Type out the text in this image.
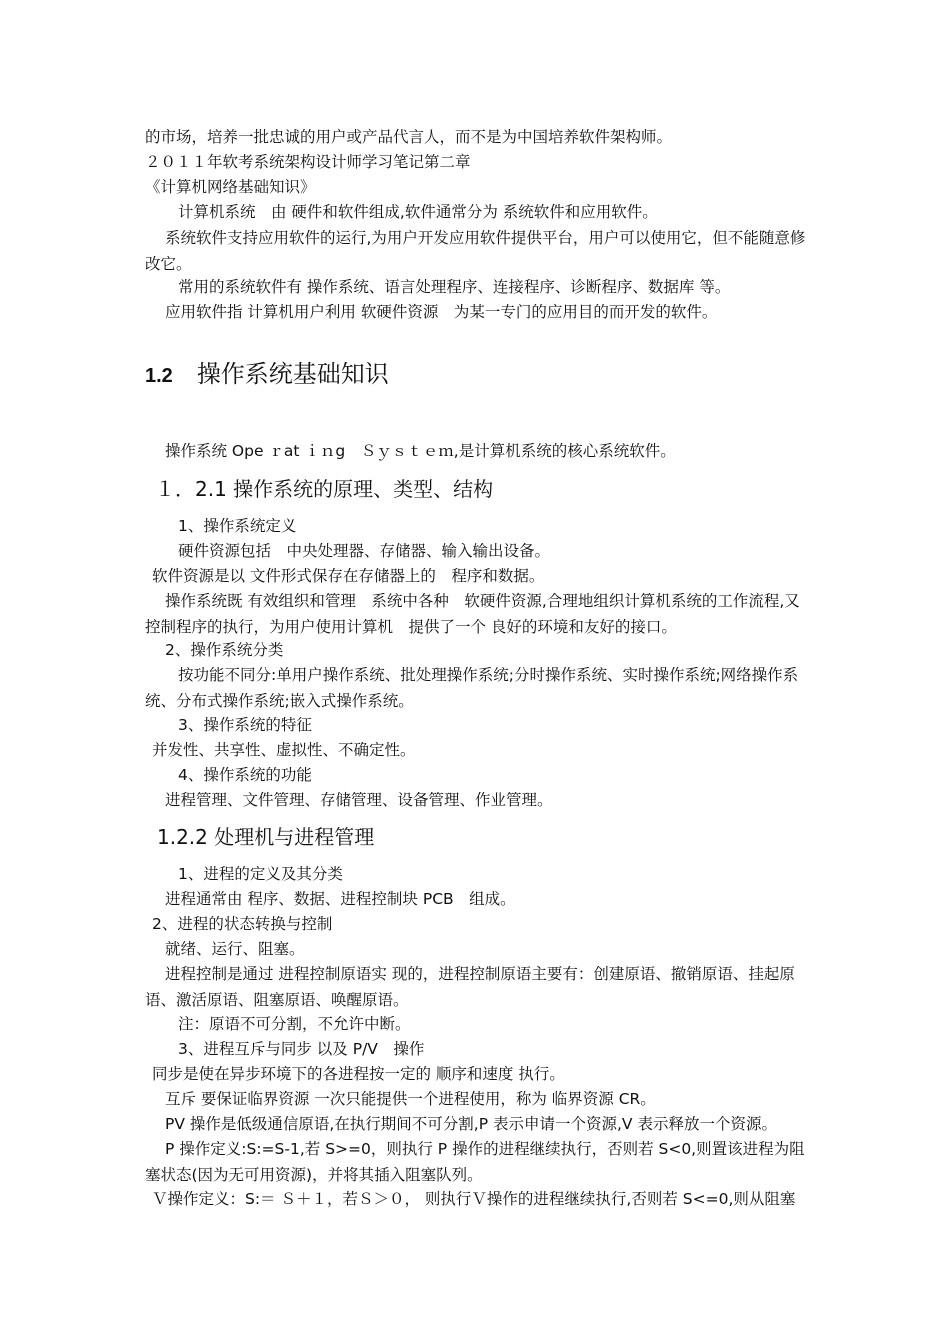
的市场，培养一批忠诚的用户或产品代言人，而不是为中国培养软件架构师。
２０１１年软考系统架构设计师学习笔记第二章
《计算机网络基础知识》
计算机系统　由 硬件和软件组成,软件通常分为 系统软件和应用软件。
系统软件支持应用软件的运行,为用户开发应用软件提供平台，用户可以使用它，但不能随意修改它。
常用的系统软件有 操作系统、语言处理程序、连接程序、诊断程序、数据库 等。
应用软件指 计算机用户利用 软硬件资源　为某一专门的应用目的而开发的软件。
1.2 操作系统基础知识
操作系统 Ope ｒat ｉｎg　Ｓｙｓｔｅｍ,是计算机系统的核心系统软件。
１．2.1 操作系统的原理、类型、结构
1、操作系统定义
硬件资源包括　中央处理器、存储器、输入输出设备。
软件资源是以 文件形式保存在存储器上的　程序和数据。
操作系统既 有效组织和管理　系统中各种　软硬件资源,合理地组织计算机系统的工作流程,又控制程序的执行，为用户使用计算机　提供了一个 良好的环境和友好的接口。
2、操作系统分类
按功能不同分:单用户操作系统、批处理操作系统;分时操作系统、实时操作系统;网络操作系统、分布式操作系统;嵌入式操作系统。
3、操作系统的特征
并发性、共享性、虚拟性、不确定性。
4、操作系统的功能
进程管理、文件管理、存储管理、设备管理、作业管理。
1.2.2 处理机与进程管理
1、进程的定义及其分类
进程通常由 程序、数据、进程控制块 PCB　组成。
2、进程的状态转换与控制
就绪、运行、阻塞。
进程控制是通过 进程控制原语实 现的，进程控制原语主要有：创建原语、撤销原语、挂起原语、激活原语、阻塞原语、唤醒原语。
注：原语不可分割，不允许中断。
3、进程互斥与同步 以及 P/V　操作
同步是使在异步环境下的各进程按一定的 顺序和速度 执行。
互斥 要保证临界资源 一次只能提供一个进程使用，称为 临界资源 CR。
PV 操作是低级通信原语,在执行期间不可分割,P 表示申请一个资源,V 表示释放一个资源。
P 操作定义:S:=S-1,若 S>=0，则执行 P 操作的进程继续执行，否则若 S<0,则置该进程为阻塞状态(因为无可用资源)，并将其插入阻塞队列。
Ｖ操作定义：S:＝ Ｓ＋１，若Ｓ＞０， 则执行Ｖ操作的进程继续执行,否则若 S<=0,则从阻塞
